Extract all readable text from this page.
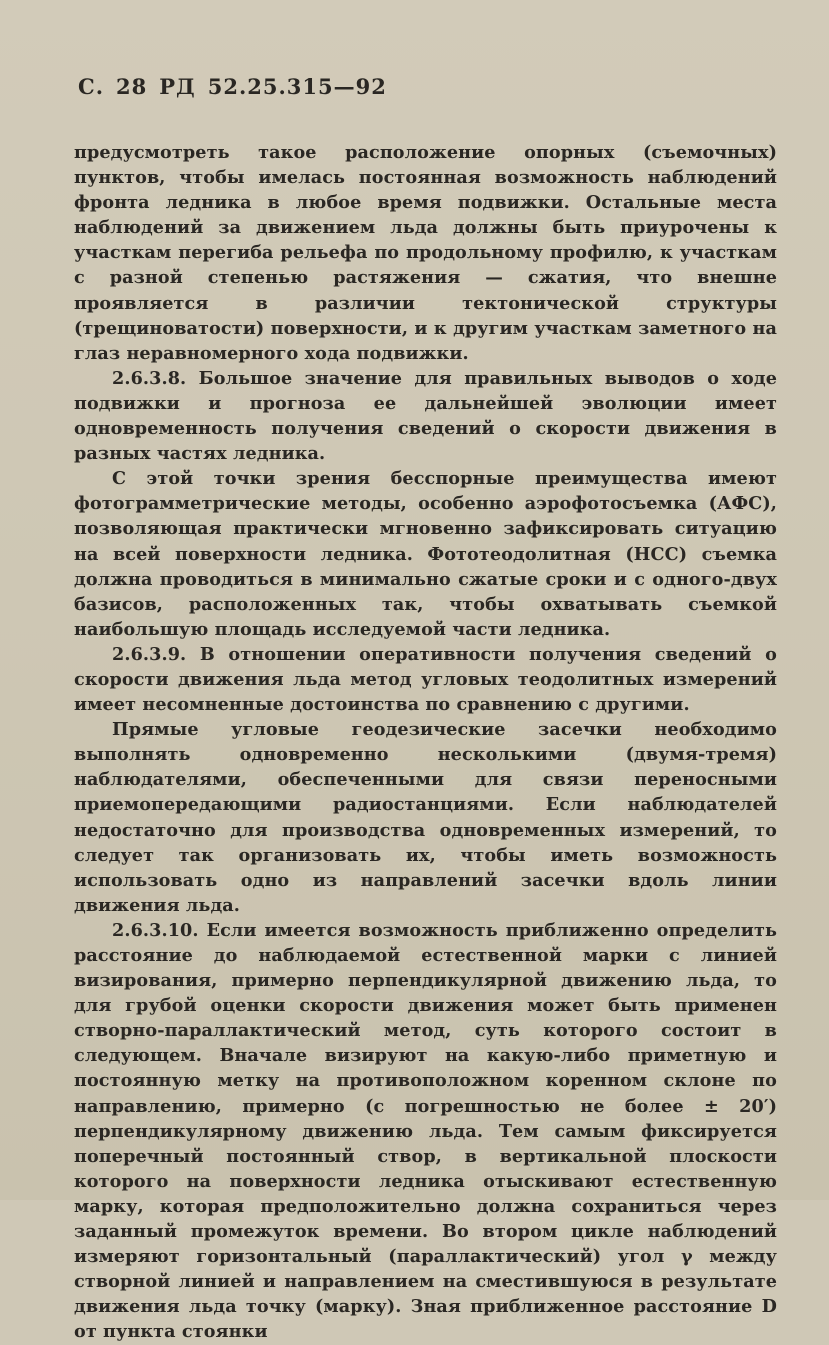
С. 28 РД 52.25.315—92

предусмотреть такое расположение опорных (съемочных) пунктов, чтобы имелась постоянная возможность наблюдений фронта ледника в любое время подвижки. Остальные места наблюдений за движением льда должны быть приурочены к участкам перегиба рельефа по продольному профилю, к участкам с разной степенью растяжения — сжатия, что внешне проявляется в различии тектонической структуры (трещиноватости) поверхности, и к другим участкам заметного на глаз неравномерного хода подвижки.

2.6.3.8. Большое значение для правильных выводов о ходе подвижки и прогноза ее дальнейшей эволюции имеет одновременность получения сведений о скорости движения в разных частях ледника.

С этой точки зрения бесспорные преимущества имеют фотограмметрические методы, особенно аэрофотосъемка (АФС), позволяющая практически мгновенно зафиксировать ситуацию на всей поверхности ледника. Фототеодолитная (НСС) съемка должна проводиться в минимально сжатые сроки и с одного-двух базисов, расположенных так, чтобы охватывать съемкой наибольшую площадь исследуемой части ледника.

2.6.3.9. В отношении оперативности получения сведений о скорости движения льда метод угловых теодолитных измерений имеет несомненные достоинства по сравнению с другими.

Прямые угловые геодезические засечки необходимо выполнять одновременно несколькими (двумя-тремя) наблюдателями, обеспеченными для связи переносными приемопередающими радиостанциями. Если наблюдателей недостаточно для производства одновременных измерений, то следует так организовать их, чтобы иметь возможность использовать одно из направлений засечки вдоль линии движения льда.

2.6.3.10. Если имеется возможность приближенно определить расстояние до наблюдаемой естественной марки с линией визирования, примерно перпендикулярной движению льда, то для грубой оценки скорости движения может быть применен створно-параллактический метод, суть которого состоит в следующем. Вначале визируют на какую-либо приметную и постоянную метку на противоположном коренном склоне по направлению, примерно (с погрешностью не более ± 20′) перпендикулярному движению льда. Тем самым фиксируется поперечный постоянный створ, в вертикальной плоскости которого на поверхности ледника отыскивают естественную марку, которая предположительно должна сохраниться через заданный промежуток времени. Во втором цикле наблюдений измеряют горизонтальный (параллактический) угол γ между створной линией и направлением на сместившуюся в результате движения льда точку (марку). Зная приближенное расстояние D от пункта стоянки
